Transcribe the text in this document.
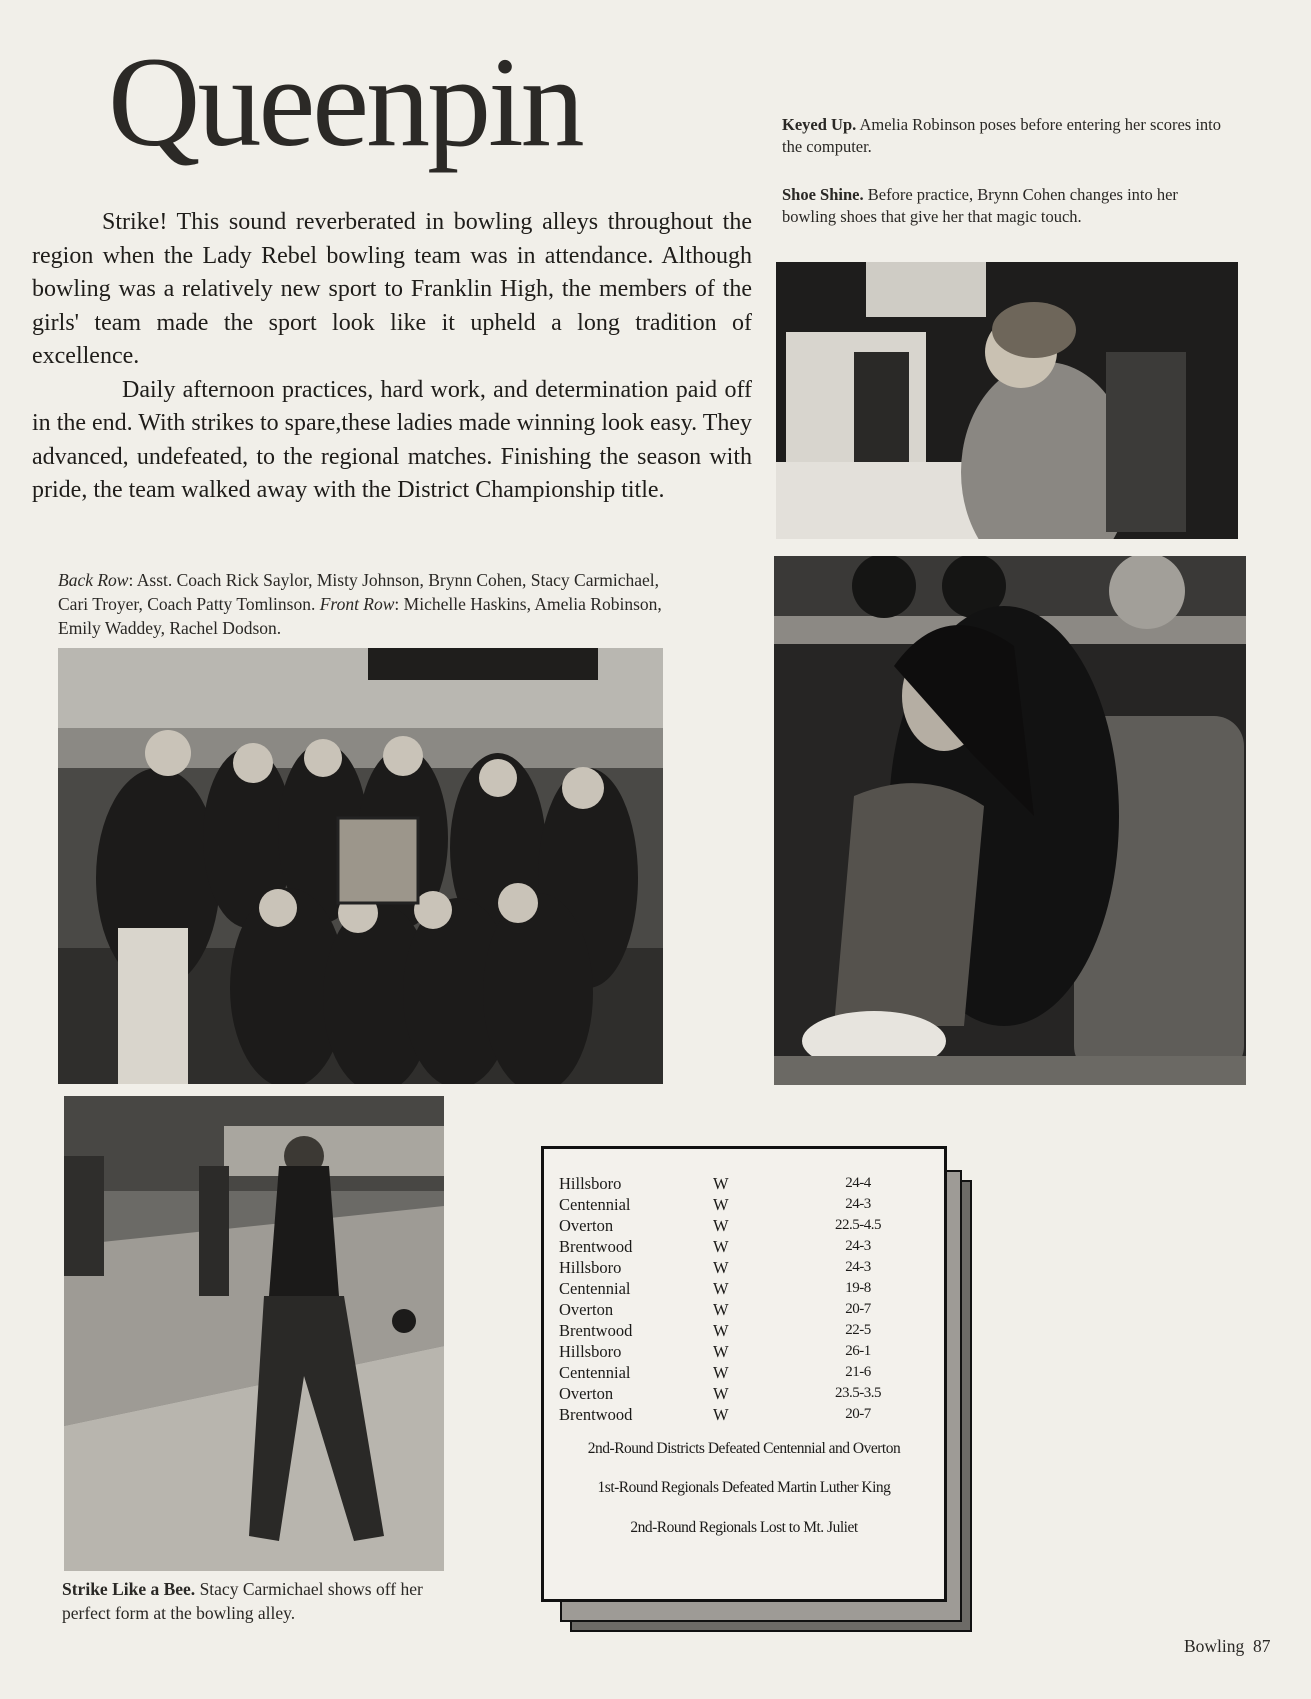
Queenpin

Strike! This sound reverberated in bowling alleys throughout the region when the Lady Rebel bowling team was in attendance. Although bowling was a relatively new sport to Franklin High, the members of the girls' team made the sport look like it upheld a long tradition of excellence.

Daily afternoon practices, hard work, and determination paid off in the end. With strikes to spare,these ladies made winning look easy. They advanced, undefeated, to the regional matches. Finishing the season with pride, the team walked away with the District Championship title.

Back Row: Asst. Coach Rick Saylor, Misty Johnson, Brynn Cohen, Stacy Carmichael, Cari Troyer, Coach Patty Tomlinson. Front Row: Michelle Haskins, Amelia Robinson, Emily Waddey, Rachel Dodson.
Keyed Up. Amelia Robinson poses before entering her scores into the computer.
Shoe Shine. Before practice, Brynn Cohen changes into her bowling shoes that give her that magic touch.
Strike Like a Bee. Stacy Carmichael shows off her perfect form at the bowling alley.
Hillsboro	W	24-4
Centennial	W	24-3
Overton	W	22.5-4.5
Brentwood	W	24-3
Hillsboro	W	24-3
Centennial	W	19-8
Overton	W	20-7
Brentwood	W	22-5
Hillsboro	W	26-1
Centennial	W	21-6
Overton	W	23.5-3.5
Brentwood	W	20-7
2nd-Round Districts Defeated Centennial and Overton
1st-Round Regionals Defeated Martin Luther King
2nd-Round Regionals Lost to Mt. Juliet
Bowling 87
